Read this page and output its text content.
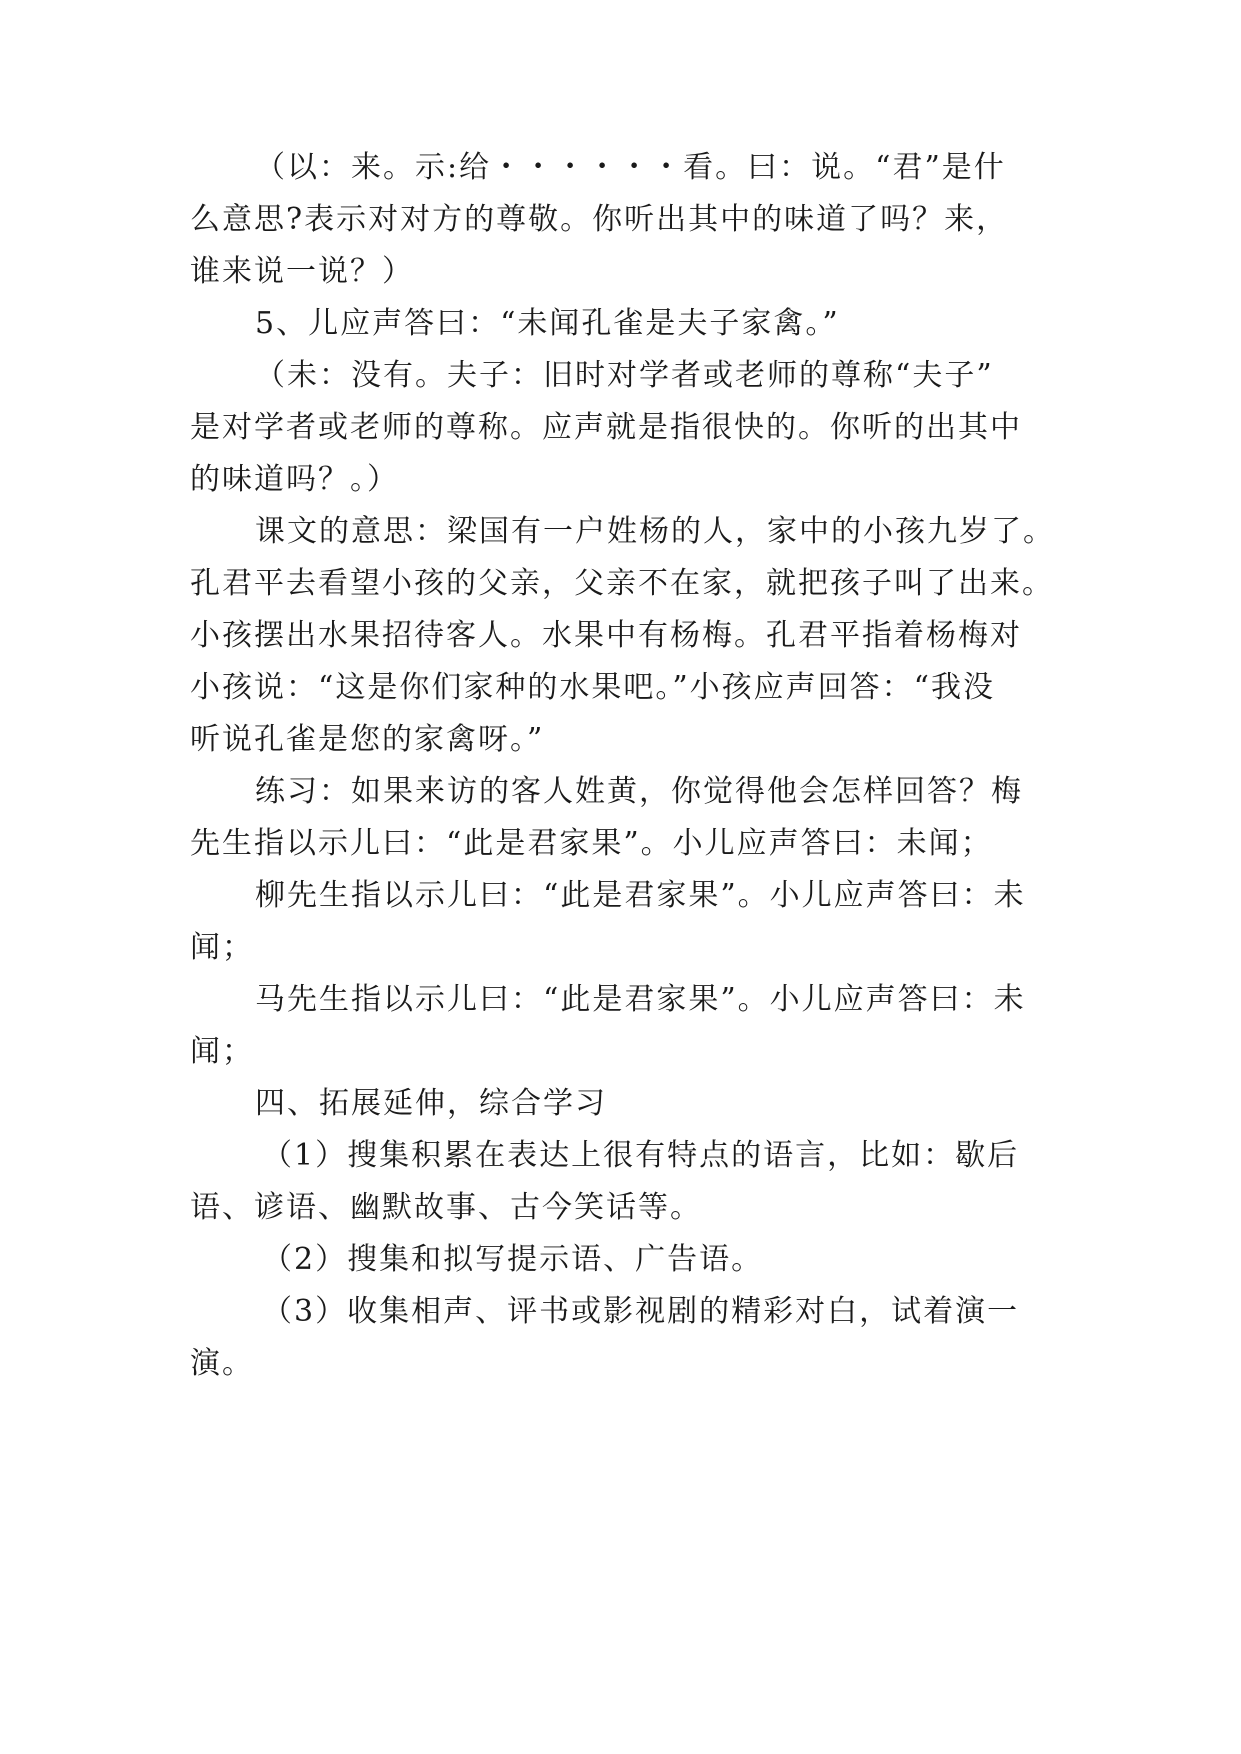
（以：来。示:给・・・・・・看。曰：说。“君”是什
么意思?表示对对方的尊敬。你听出其中的味道了吗？来，
谁来说一说？）
5、儿应声答曰：“未闻孔雀是夫子家禽。”
（未：没有。夫子：旧时对学者或老师的尊称“夫子”
是对学者或老师的尊称。应声就是指很快的。你听的出其中
的味道吗？。）
课文的意思：梁国有一户姓杨的人，家中的小孩九岁了。
孔君平去看望小孩的父亲，父亲不在家，就把孩子叫了出来。
小孩摆出水果招待客人。水果中有杨梅。孔君平指着杨梅对
小孩说：“这是你们家种的水果吧。”小孩应声回答：“我没
听说孔雀是您的家禽呀。”
练习：如果来访的客人姓黄，你觉得他会怎样回答？梅
先生指以示儿曰：“此是君家果”。小儿应声答曰：未闻；
柳先生指以示儿曰：“此是君家果”。小儿应声答曰：未
闻；
马先生指以示儿曰：“此是君家果”。小儿应声答曰：未
闻；
四、拓展延伸，综合学习
（1）搜集积累在表达上很有特点的语言，比如：歇后
语、谚语、幽默故事、古今笑话等。
（2）搜集和拟写提示语、广告语。
（3）收集相声、评书或影视剧的精彩对白，试着演一
演。
